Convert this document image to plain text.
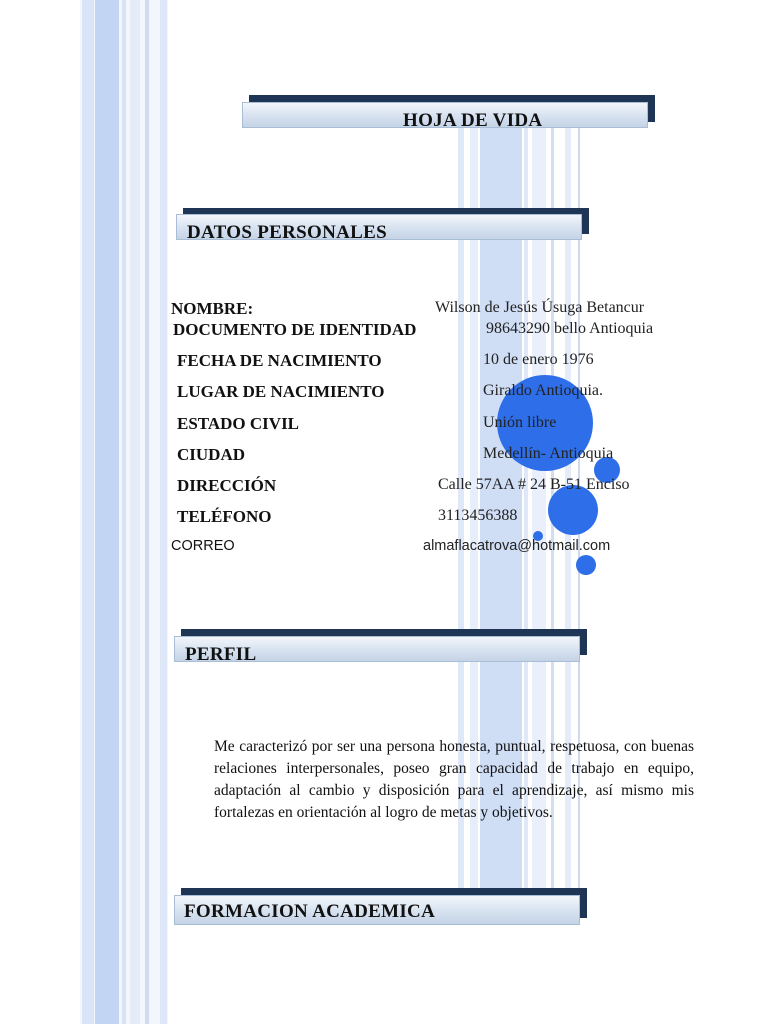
HOJA DE VIDA
DATOS PERSONALES
NOMBRE:	Wilson de Jesús Úsuga Betancur
DOCUMENTO DE IDENTIDAD	98643290 bello Antioquia
FECHA DE NACIMIENTO	10 de enero 1976
LUGAR DE NACIMIENTO	Giraldo Antioquia.
ESTADO CIVIL	Unión libre
CIUDAD	Medellín- Antioquia
DIRECCIÓN	Calle 57AA # 24 B-51 Enciso
TELÉFONO	3113456388
CORREO	almaflacatrova@hotmail.com
PERFIL
Me caracterizó por ser una persona honesta, puntual, respetuosa, con buenas relaciones interpersonales, poseo gran capacidad de trabajo en equipo, adaptación al cambio y disposición para el aprendizaje, así mismo mis fortalezas en orientación al logro de metas y objetivos.
FORMACION ACADEMICA
